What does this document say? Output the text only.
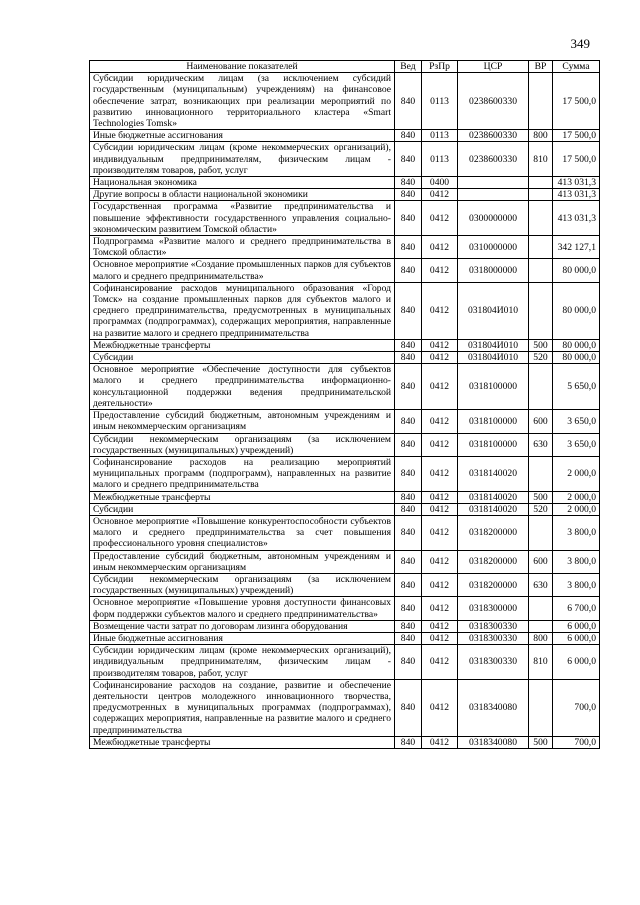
349
Наименование показателей	Вед	РзПр	ЦСР	ВР	Сумма
Субсидии юридическим лицам (за исключением субсидий государственным (муниципальным) учреждениям) на финансовое обеспечение затрат, возникающих при реализации мероприятий по развитию инновационного территориального кластера «Smart Technologies Tomsk»	840	0113	0238600330		17 500,0
Иные бюджетные ассигнования	840	0113	0238600330	800	17 500,0
Субсидии юридическим лицам (кроме некоммерческих организаций), индивидуальным предпринимателям, физическим лицам - производителям товаров, работ, услуг	840	0113	0238600330	810	17 500,0
Национальная экономика	840	0400			413 031,3
Другие вопросы в области национальной экономики	840	0412			413 031,3
Государственная программа «Развитие предпринимательства и повышение эффективности государственного управления социально-экономическим развитием Томской области»	840	0412	0300000000		413 031,3
Подпрограмма «Развитие малого и среднего предпринимательства в Томской области»	840	0412	0310000000		342 127,1
Основное мероприятие «Создание промышленных парков для субъектов малого и среднего предпринимательства»	840	0412	0318000000		80 000,0
Софинансирование расходов муниципального образования «Город Томск» на создание промышленных парков для субъектов малого и среднего предпринимательства, предусмотренных в муниципальных программах (подпрограммах), содержащих мероприятия, направленные на развитие малого и среднего предпринимательства	840	0412	031804И010		80 000,0
Межбюджетные трансферты	840	0412	031804И010	500	80 000,0
Субсидии	840	0412	031804И010	520	80 000,0
Основное мероприятие «Обеспечение доступности для субъектов малого и среднего предпринимательства информационно-консультационной поддержки ведения предпринимательской деятельности»	840	0412	0318100000		5 650,0
Предоставление субсидий бюджетным, автономным учреждениям и иным некоммерческим организациям	840	0412	0318100000	600	3 650,0
Субсидии некоммерческим организациям (за исключением государственных (муниципальных) учреждений)	840	0412	0318100000	630	3 650,0
Софинансирование расходов на реализацию мероприятий муниципальных программ (подпрограмм), направленных на развитие малого и среднего предпринимательства	840	0412	0318140020		2 000,0
Межбюджетные трансферты	840	0412	0318140020	500	2 000,0
Субсидии	840	0412	0318140020	520	2 000,0
Основное мероприятие «Повышение конкурентоспособности субъектов малого и среднего предпринимательства за счет повышения профессионального уровня специалистов»	840	0412	0318200000		3 800,0
Предоставление субсидий бюджетным, автономным учреждениям и иным некоммерческим организациям	840	0412	0318200000	600	3 800,0
Субсидии некоммерческим организациям (за исключением государственных (муниципальных) учреждений)	840	0412	0318200000	630	3 800,0
Основное мероприятие «Повышение уровня доступности финансовых форм поддержки субъектов малого и среднего предпринимательства»	840	0412	0318300000		6 700,0
Возмещение части затрат по договорам лизинга оборудования	840	0412	0318300330		6 000,0
Иные бюджетные ассигнования	840	0412	0318300330	800	6 000,0
Субсидии юридическим лицам (кроме некоммерческих организаций), индивидуальным предпринимателям, физическим лицам - производителям товаров, работ, услуг	840	0412	0318300330	810	6 000,0
Софинансирование расходов на создание, развитие и обеспечение деятельности центров молодежного инновационного творчества, предусмотренных в муниципальных программах (подпрограммах), содержащих мероприятия, направленные на развитие малого и среднего предпринимательства	840	0412	0318340080		700,0
Межбюджетные трансферты	840	0412	0318340080	500	700,0
